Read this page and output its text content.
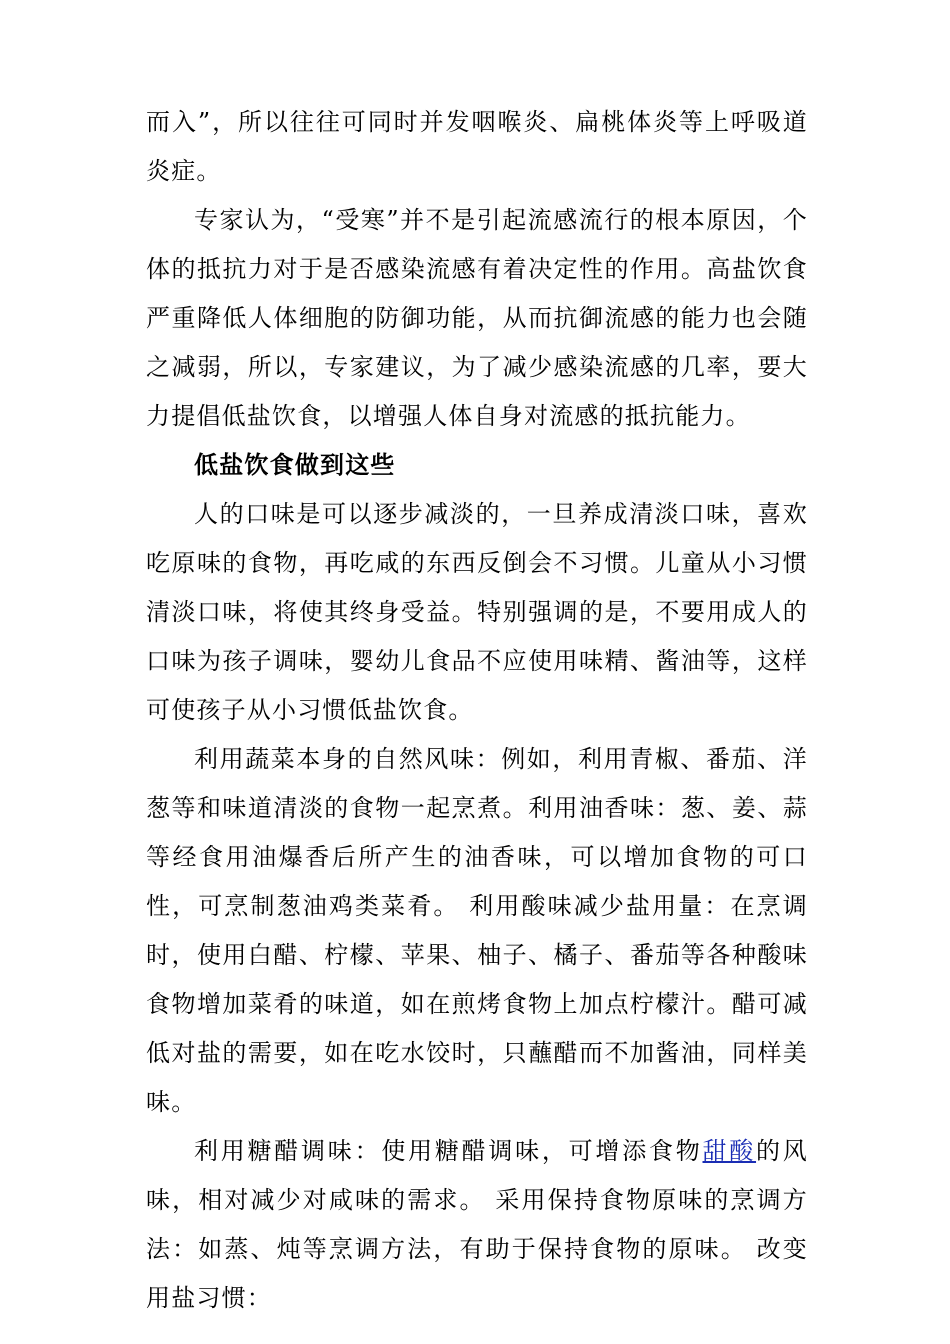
而入”，所以往往可同时并发咽喉炎、扁桃体炎等上呼吸道炎症。

专家认为，“受寒”并不是引起流感流行的根本原因，个体的抵抗力对于是否感染流感有着决定性的作用。高盐饮食严重降低人体细胞的防御功能，从而抗御流感的能力也会随之减弱，所以，专家建议，为了减少感染流感的几率，要大力提倡低盐饮食，以增强人体自身对流感的抵抗能力。

低盐饮食做到这些

人的口味是可以逐步减淡的，一旦养成清淡口味，喜欢吃原味的食物，再吃咸的东西反倒会不习惯。儿童从小习惯清淡口味，将使其终身受益。特别强调的是，不要用成人的口味为孩子调味，婴幼儿食品不应使用味精、酱油等，这样可使孩子从小习惯低盐饮食。

利用蔬菜本身的自然风味：例如，利用青椒、番茄、洋葱等和味道清淡的食物一起烹煮。利用油香味：葱、姜、蒜等经食用油爆香后所产生的油香味，可以增加食物的可口性，可烹制葱油鸡类菜肴。 利用酸味减少盐用量：在烹调时，使用白醋、柠檬、苹果、柚子、橘子、番茄等各种酸味食物增加菜肴的味道，如在煎烤食物上加点柠檬汁。醋可减低对盐的需要，如在吃水饺时，只蘸醋而不加酱油，同样美味。

利用糖醋调味：使用糖醋调味，可增添食物甜酸的风味，相对减少对咸味的需求。 采用保持食物原味的烹调方法：如蒸、炖等烹调方法，有助于保持食物的原味。 改变用盐习惯：
